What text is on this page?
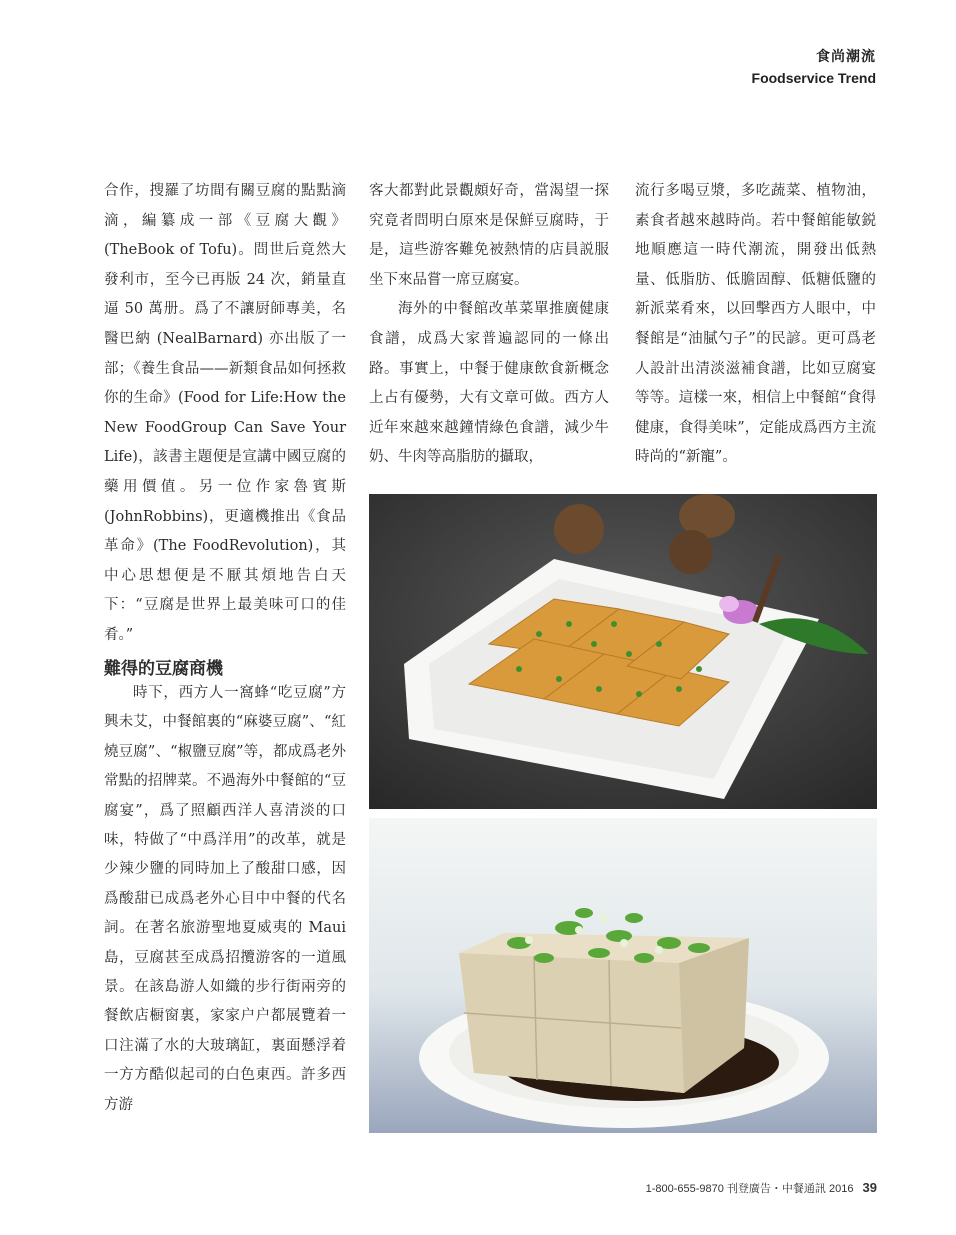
食尚潮流
Foodservice Trend

合作，搜羅了坊間有關豆腐的點點滴滴，編纂成一部《豆腐大觀》(TheBook of Tofu)。問世后竟然大發利市，至今已再版 24 次，銷量直逼 50 萬册。爲了不讓厨師專美，名醫巴納 (NealBarnard) 亦出版了一部；《養生食品——新類食品如何拯救你的生命》(Food for Life:How the New FoodGroup Can Save Your Life)，該書主題便是宣講中國豆腐的藥用價值。另一位作家魯賓斯 (JohnRobbins)，更適機推出《食品革命》(The FoodRevolution)，其中心思想便是不厭其煩地告白天下：“豆腐是世界上最美味可口的佳肴。”

難得的豆腐商機

時下，西方人一窩蜂“吃豆腐”方興未艾，中餐館裏的“麻婆豆腐”、“紅燒豆腐”、“椒鹽豆腐”等，都成爲老外常點的招牌菜。不過海外中餐館的“豆腐宴”，爲了照顧西洋人喜清淡的口味，特做了“中爲洋用”的改革，就是少辣少鹽的同時加上了酸甜口感，因爲酸甜已成爲老外心目中中餐的代名詞。在著名旅游聖地夏威夷的 Maui 島，豆腐甚至成爲招攬游客的一道風景。在該島游人如織的步行街兩旁的餐飲店橱窗裏，家家户户都展覽着一口注滿了水的大玻璃缸，裏面懸浮着一方方酷似起司的白色東西。許多西方游

客大都對此景觀頗好奇，當渴望一探究竟者問明白原來是保鮮豆腐時，于是，這些游客難免被熱情的店員説服坐下來品嘗一席豆腐宴。

海外的中餐館改革菜單推廣健康食譜，成爲大家普遍認同的一條出路。事實上，中餐于健康飲食新概念上占有優勢，大有文章可做。西方人近年來越來越鐘情綠色食譜，減少牛奶、牛肉等高脂肪的攝取，

流行多喝豆漿，多吃蔬菜、植物油，素食者越來越時尚。若中餐館能敏鋭地順應這一時代潮流，開發出低熱量、低脂肪、低膽固醇、低糖低鹽的新派菜肴來，以回擊西方人眼中，中餐館是“油膩勺子”的民諺。更可爲老人設計出清淡滋補食譜，比如豆腐宴等等。這樣一來，相信上中餐館“食得健康，食得美味”，定能成爲西方主流時尚的“新寵”。

1-800-655-9870 刊登廣告・中餐通訊 2016 39
